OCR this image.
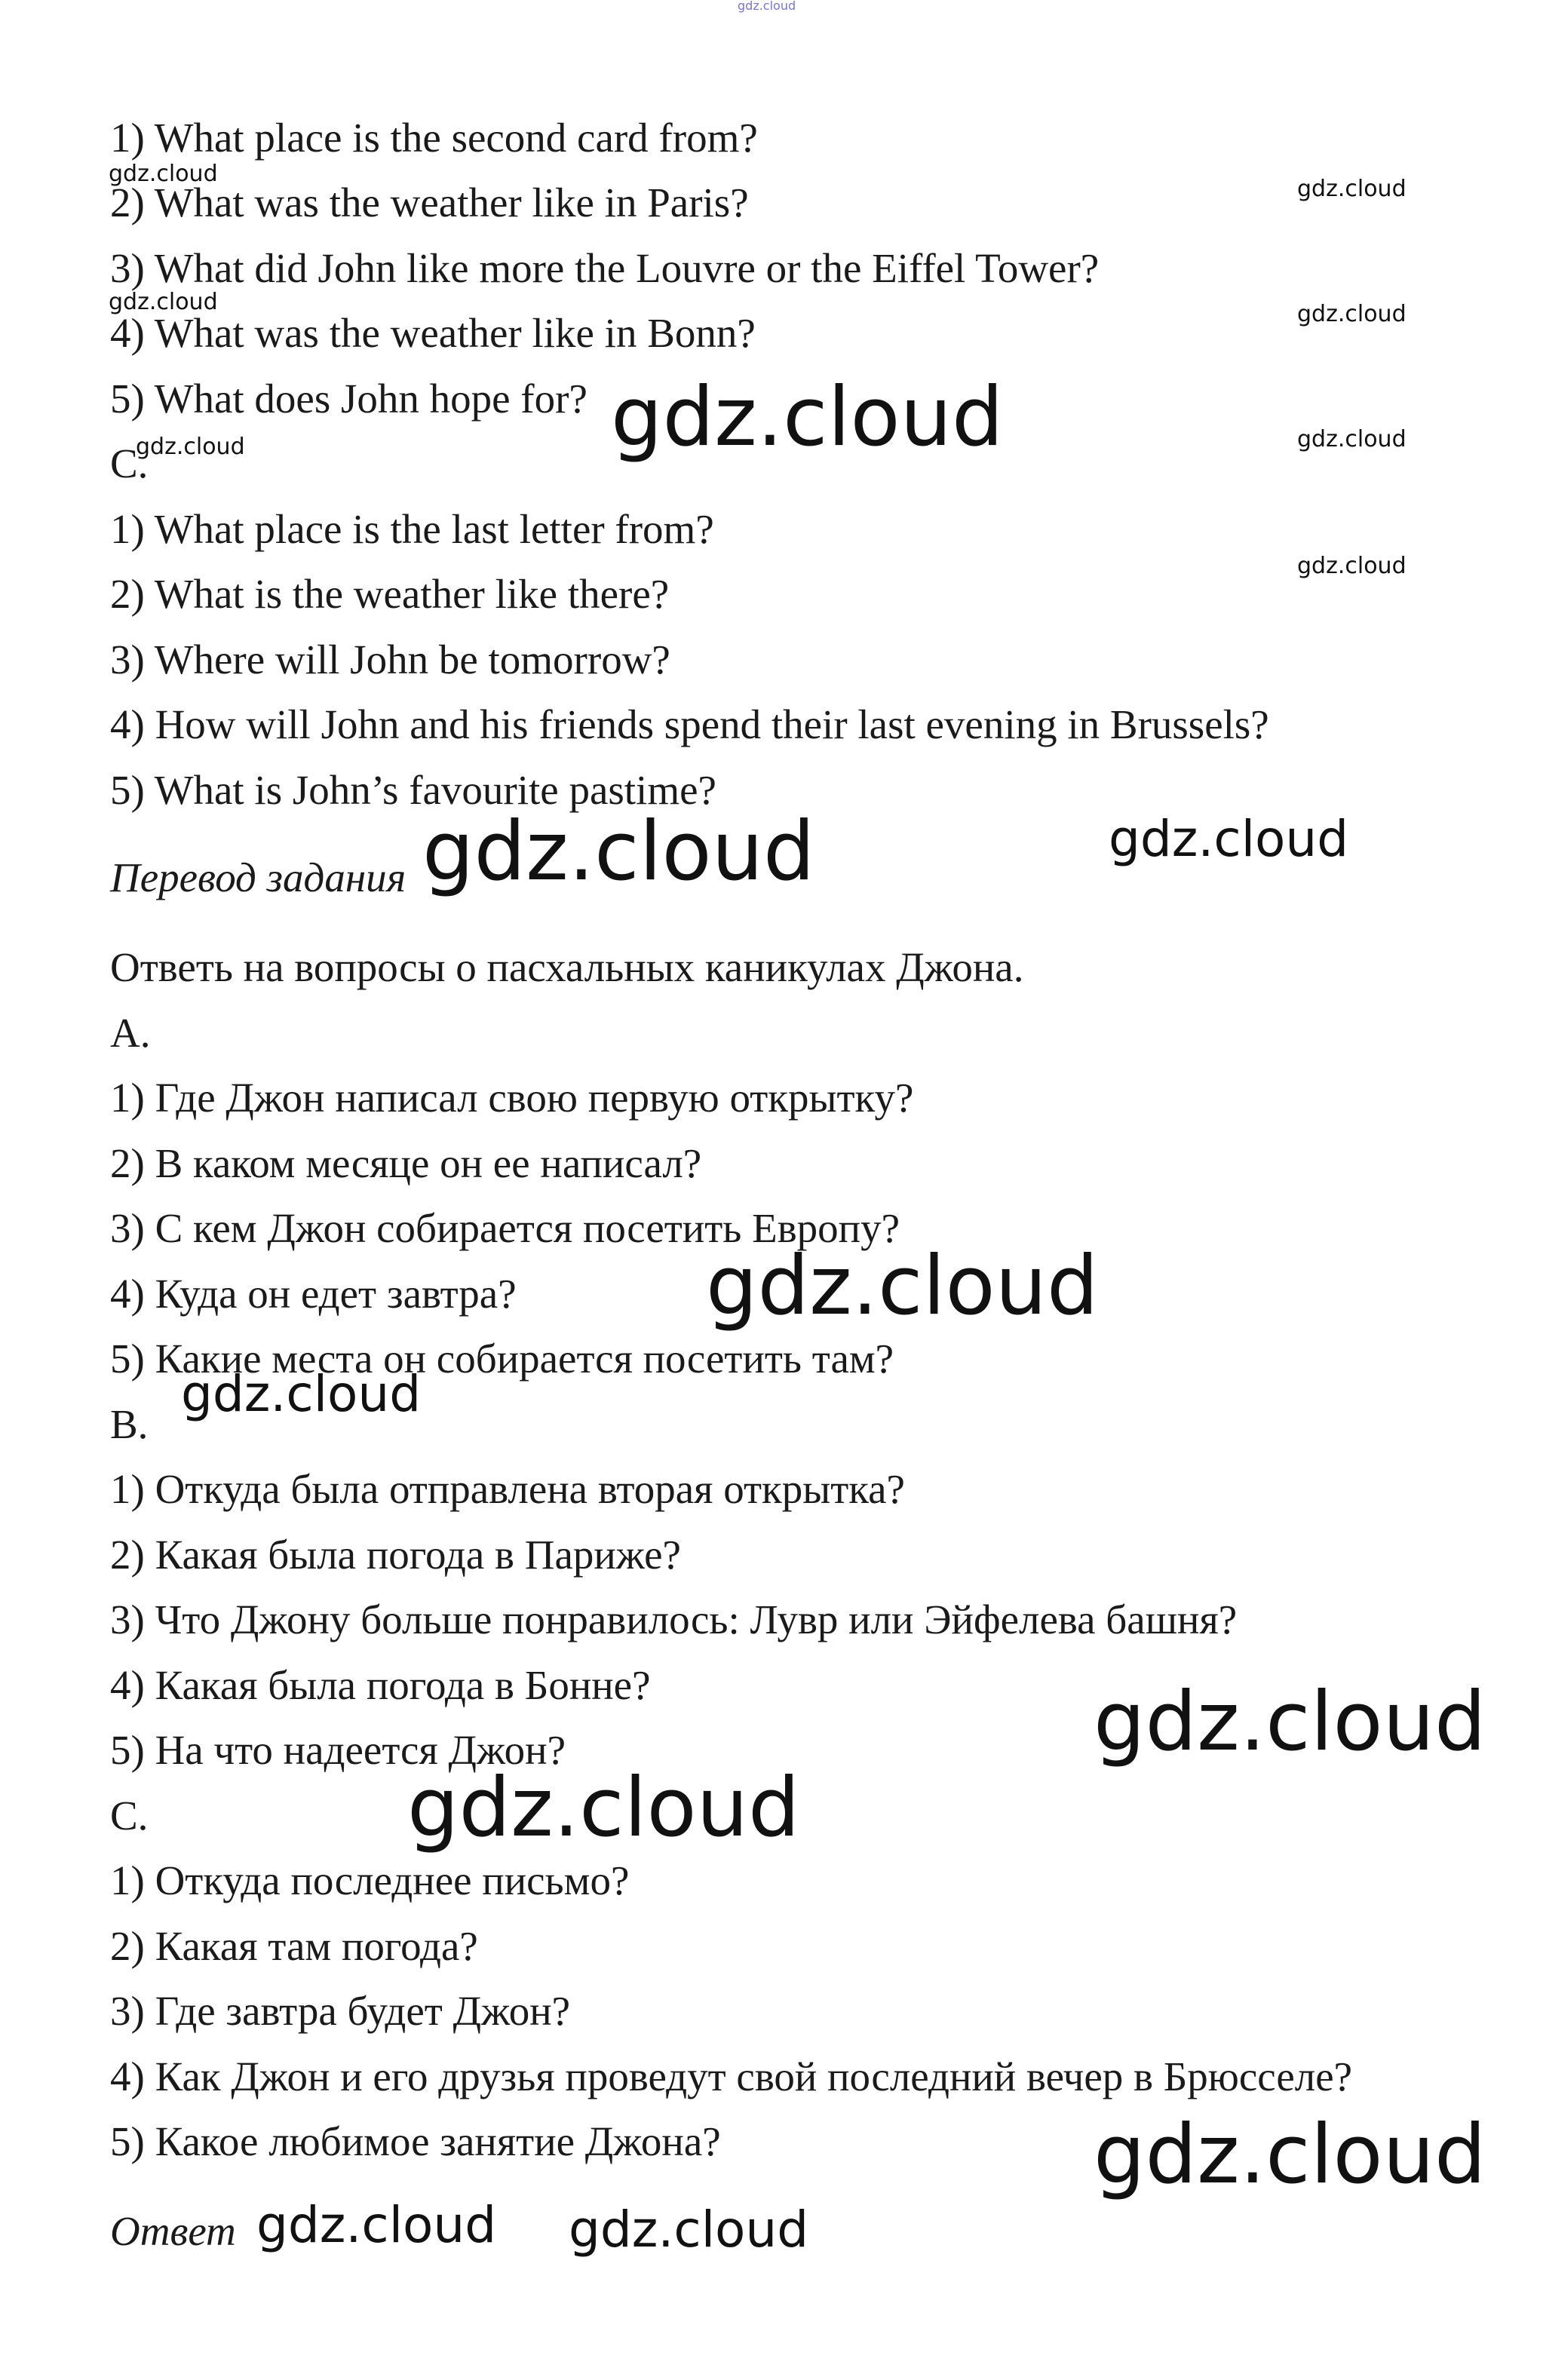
gdz.cloud
1) What place is the second card from?
2) What was the weather like in Paris?
3) What did John like more the Louvre or the Eiffel Tower?
4) What was the weather like in Bonn?
5) What does John hope for?
C.
1) What place is the last letter from?
2) What is the weather like there?
3) Where will John be tomorrow?
4) How will John and his friends spend their last evening in Brussels?
5) What is John’s favourite pastime?
Перевод задания
Ответь на вопросы о пасхальных каникулах Джона.
A.
1) Где Джон написал свою первую открытку?
2) В каком месяце он ее написал?
3) С кем Джон собирается посетить Европу?
4) Куда он едет завтра?
5) Какие места он собирается посетить там?
B.
1) Откуда была отправлена вторая открытка?
2) Какая была погода в Париже?
3) Что Джону больше понравилось: Лувр или Эйфелева башня?
4) Какая была погода в Бонне?
5) На что надеется Джон?
C.
1) Откуда последнее письмо?
2) Какая там погода?
3) Где завтра будет Джон?
4) Как Джон и его друзья проведут свой последний вечер в Брюсселе?
5) Какое любимое занятие Джона?
Ответ
gdz.cloud
gdz.cloud
gdz.cloud	gdz.cloud
gdz.cloud
gdz.cloud	gdz.cloud
gdz.cloud
gdz.cloud	gdz.cloud
gdz.cloud
gdz.cloud
gdz.cloud
gdz.cloud
gdz.cloud
gdz.cloud gdz.cloud
